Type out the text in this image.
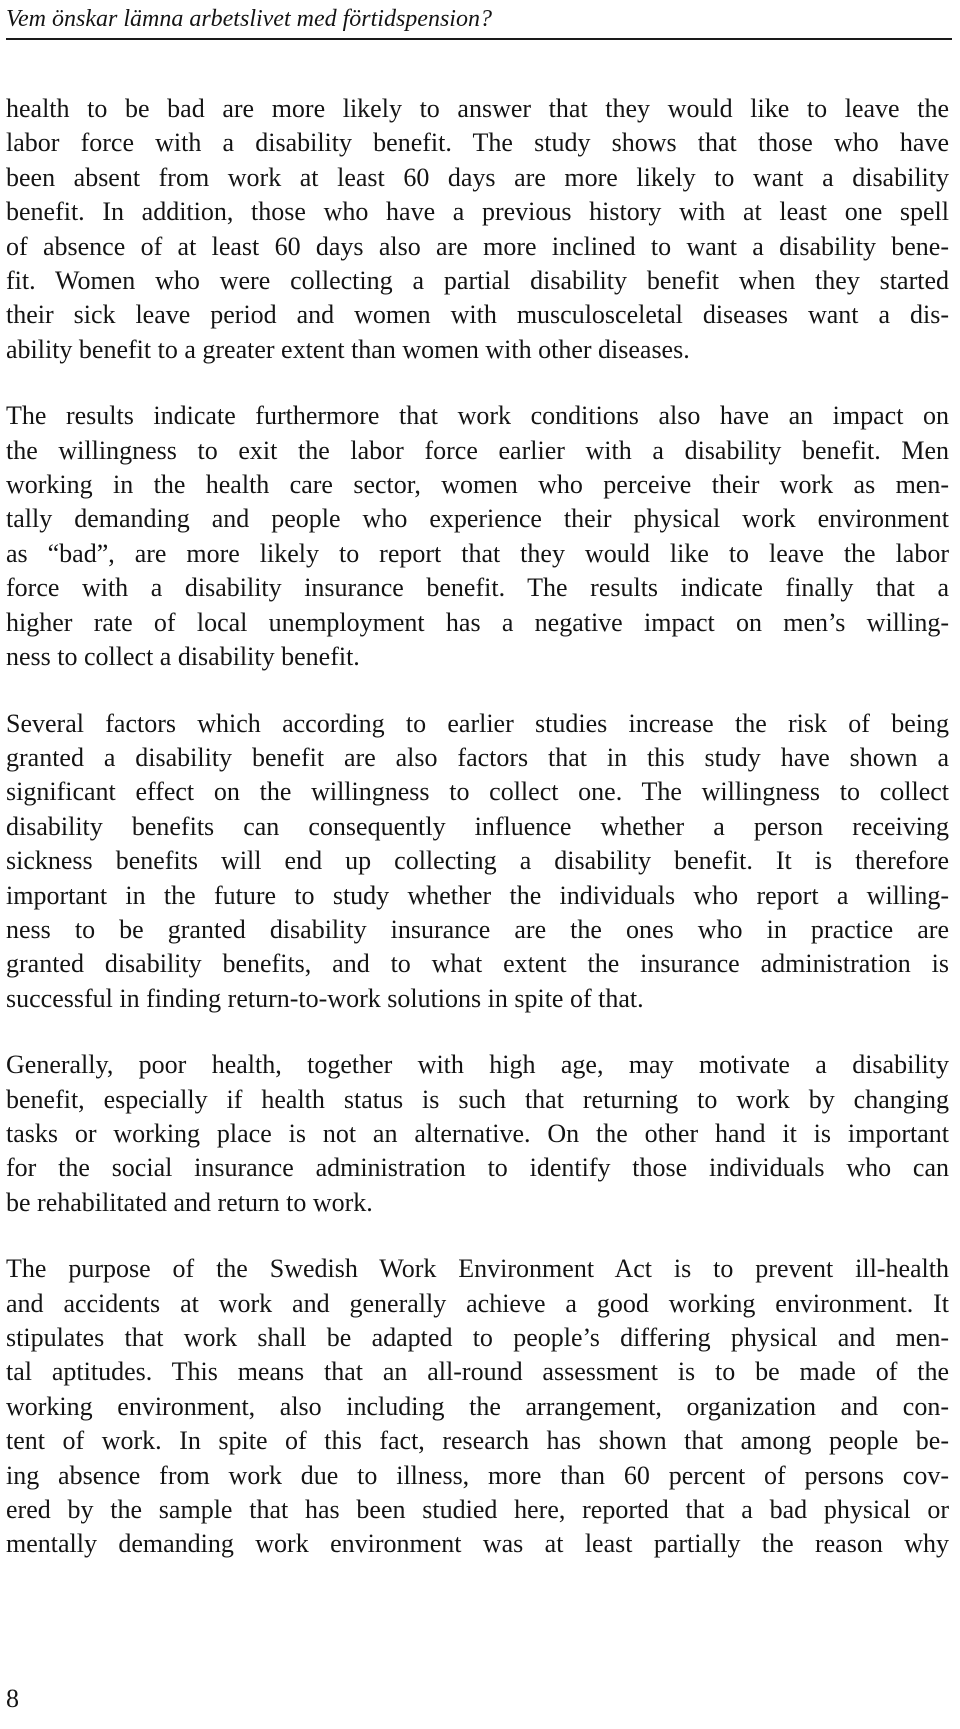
Vem önskar lämna arbetslivet med förtidspension?

health to be bad are more likely to answer that they would like to leave the
labor force with a disability benefit. The study shows that those who have
been absent from work at least 60 days are more likely to want a disability
benefit. In addition, those who have a previous history with at least one spell
of absence of at least 60 days also are more inclined to want a disability bene-
fit. Women who were collecting a partial disability benefit when they started
their sick leave period and women with musculosceletal diseases want a dis-
ability benefit to a greater extent than women with other diseases.

The results indicate furthermore that work conditions also have an impact on
the willingness to exit the labor force earlier with a disability benefit. Men
working in the health care sector, women who perceive their work as men-
tally demanding and people who experience their physical work environment
as “bad”, are more likely to report that they would like to leave the labor
force with a disability insurance benefit. The results indicate finally that a
higher rate of local unemployment has a negative impact on men’s willing-
ness to collect a disability benefit.

Several factors which according to earlier studies increase the risk of being
granted a disability benefit are also factors that in this study have shown a
significant effect on the willingness to collect one. The willingness to collect
disability benefits can consequently influence whether a person receiving
sickness benefits will end up collecting a disability benefit. It is therefore
important in the future to study whether the individuals who report a willing-
ness to be granted disability insurance are the ones who in practice are
granted disability benefits, and to what extent the insurance administration is
successful in finding return-to-work solutions in spite of that.

Generally, poor health, together with high age, may motivate a disability
benefit, especially if health status is such that returning to work by changing
tasks or working place is not an alternative. On the other hand it is important
for the social insurance administration to identify those individuals who can
be rehabilitated and return to work.

The purpose of the Swedish Work Environment Act is to prevent ill-health
and accidents at work and generally achieve a good working environment. It
stipulates that work shall be adapted to people’s differing physical and men-
tal aptitudes. This means that an all-round assessment is to be made of the
working environment, also including the arrangement, organization and con-
tent of work. In spite of this fact, research has shown that among people be-
ing absence from work due to illness, more than 60 percent of persons cov-
ered by the sample that has been studied here, reported that a bad physical or
mentally demanding work environment was at least partially the reason why

8
